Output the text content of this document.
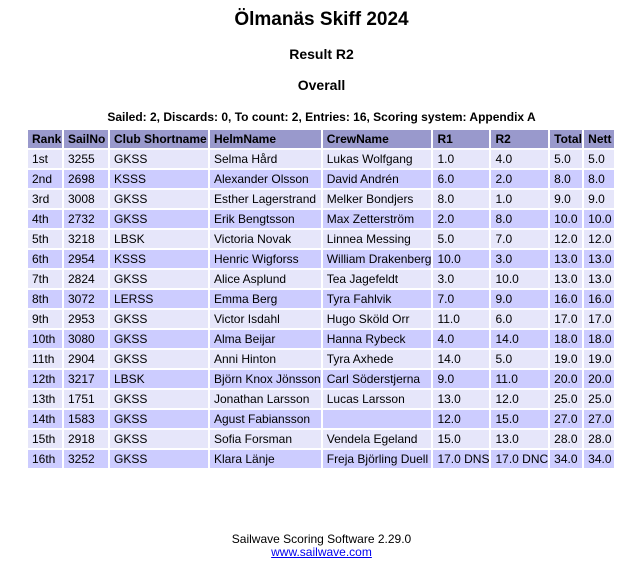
Ölmanäs Skiff 2024
Result R2
Overall
Sailed: 2, Discards: 0, To count: 2, Entries: 16, Scoring system: Appendix A
Rank	SailNo	Club Shortname	HelmName	CrewName	R1	R2	Total	Nett
1st	3255	GKSS	Selma Hård	Lukas Wolfgang	1.0	4.0	5.0	5.0
2nd	2698	KSSS	Alexander Olsson	David Andrén	6.0	2.0	8.0	8.0
3rd	3008	GKSS	Esther Lagerstrand	Melker Bondjers	8.0	1.0	9.0	9.0
4th	2732	GKSS	Erik Bengtsson	Max Zetterström	2.0	8.0	10.0	10.0
5th	3218	LBSK	Victoria Novak	Linnea Messing	5.0	7.0	12.0	12.0
6th	2954	KSSS	Henric Wigforss	William Drakenberg	10.0	3.0	13.0	13.0
7th	2824	GKSS	Alice Asplund	Tea Jagefeldt	3.0	10.0	13.0	13.0
8th	3072	LERSS	Emma Berg	Tyra Fahlvik	7.0	9.0	16.0	16.0
9th	2953	GKSS	Victor Isdahl	Hugo Sköld Orr	11.0	6.0	17.0	17.0
10th	3080	GKSS	Alma Beijar	Hanna Rybeck	4.0	14.0	18.0	18.0
11th	2904	GKSS	Anni Hinton	Tyra Axhede	14.0	5.0	19.0	19.0
12th	3217	LBSK	Björn Knox Jönsson	Carl Söderstjerna	9.0	11.0	20.0	20.0
13th	1751	GKSS	Jonathan Larsson	Lucas Larsson	13.0	12.0	25.0	25.0
14th	1583	GKSS	Agust Fabiansson		12.0	15.0	27.0	27.0
15th	2918	GKSS	Sofia Forsman	Vendela Egeland	15.0	13.0	28.0	28.0
16th	3252	GKSS	Klara Länje	Freja Björling Duell	17.0 DNS	17.0 DNC	34.0	34.0
Sailwave Scoring Software 2.29.0
www.sailwave.com
